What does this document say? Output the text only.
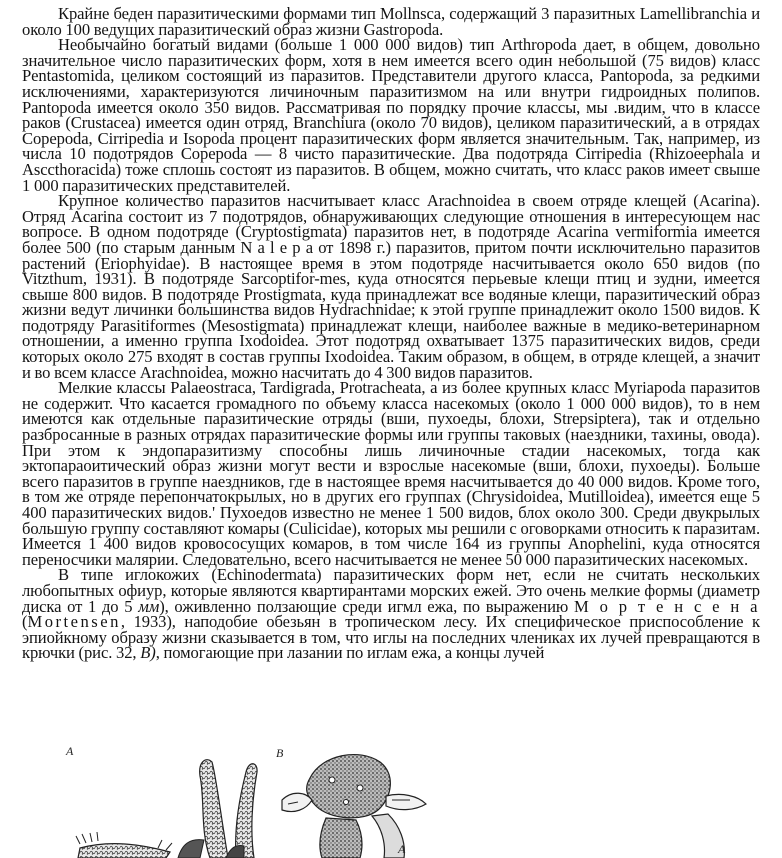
Крайне беден паразитическими формами тип Mollnsca, содержащий 3 паразитных Lamellibranchia и около 100 ведущих паразитический образ жизни Gastropoda.

Необычайно богатый видами (больше 1 000 000 видов) тип Arthropoda дает, в общем, довольно значительное число паразитических форм, хотя в нем имеется всего один небольшой (75 видов) класс Pentastomida, целиком состоящий из паразитов. Представители другого класса, Pantopoda, за редкими исключениями, характеризуются личиночным паразитизмом на или внутри гидроидных полипов. Pantopoda имеется около 350 видов. Рассматривая по порядку прочие классы, мы .видим, что в классе раков (Crustacea) имеется один отряд, Branchiura (около 70 видов), целиком паразитический, а в отрядах Copepoda, Cirripedia и Isopoda процент паразитических форм является значительным. Так, например, из числа 10 подотрядов Copepoda — 8 чисто паразитические. Два подотряда Cirripedia (Rhizoeephala и Asccthoracida) тоже сплошь состоят из паразитов. В общем, можно считать, что класс раков имеет свыше 1 000 паразитических представителей.

Крупное количество паразитов насчитывает класс Arachnoidea в своем отряде клещей (Acarina). Отряд Acarina состоит из 7 подотрядов, обнаруживающих следующие отношения в интересующем нас вопросе. В одном подотряде (Cryptostigmata) паразитов нет, в подотряде Acarina vermiformia имеется более 500 (по старым данным N a l e p a от 1898 г.) паразитов, притом почти исключительно паразитов растений (Eriophyidae). В настоящее время в этом подотряде насчитывается около 650 видов (по Vitzthum, 1931). В подотряде Sarcoptifor-mes, куда относятся перьевые клещи птиц и зудни, имеется свыше 800 видов. В подотряде Prostigmata, куда принадлежат все водяные клещи, паразитический образ жизни ведут личинки большинства видов Hydrachnidae; к этой группе принадлежит около 1500 видов. К подотряду Parasitiformes (Mesostigmata) принадлежат клещи, наиболее важные в медико-ветеринарном отношении, а именно группа Ixodoidea. Этот подотряд охватывает 1375 паразитических видов, среди которых около 275 входят в состав группы Ixodoidea. Таким образом, в общем, в отряде клещей, а значит и во всем классе Arachnoidea, можно насчитать до 4 300 видов паразитов.

Мелкие классы Palaeostraca, Tardigrada, Protracheata, а из более крупных класс Myriapoda паразитов не содержит. Что касается громадного по объему класса насекомых (около 1 000 000 видов), то в нем имеются как отдельные паразитические отряды (вши, пухоеды, блохи, Strepsiptera), так и отдельно разбросанные в разных отрядах паразитические формы или группы таковых (наездники, тахины, овода). При этом к эндопаразитизму способны лишь личиночные стадии насекомых, тогда как эктопараоитический образ жизни могут вести и взрослые насекомые (вши, блохи, пухоеды). Больше всего паразитов в группе наездников, где в настоящее время насчитывается до 40 000 видов. Кроме того, в том же отряде перепончатокрылых, но в других его группах (Chrysidoidea, Mutilloidea), имеется еще 5 400 паразитических видов.' Пухоедов известно не менее 1 500 видов, блох около 300. Среди двукрылых большую группу составляют комары (Culicidae), которых мы решили с оговорками относить к паразитам. Имеется 1 400 видов кровососущих комаров, в том числе 164 из группы Anophelini, куда относятся переносчики малярии. Следовательно, всего насчитывается не менее 50 000 паразитических насекомых.

В типе иглокожих (Echinodermata) паразитических форм нет, если не считать нескольких любопытных офиур, которые являются квартирантами морских ежей. Это очень мелкие формы (диаметр диска от 1 до 5 мм), оживленно ползающие среди игмл ежа, по выражению М о р т е н с е н а (Mortensen, 1933), наподобие обезьян в тропическом лесу. Их специфическое приспособление к эпиойкному образу жизни сказывается в том, что иглы на последних члениках их лучей превращаются в крючки (рис. 32, В), помогающие при лазании по иглам ежа, а концы лучей

A	B
A
